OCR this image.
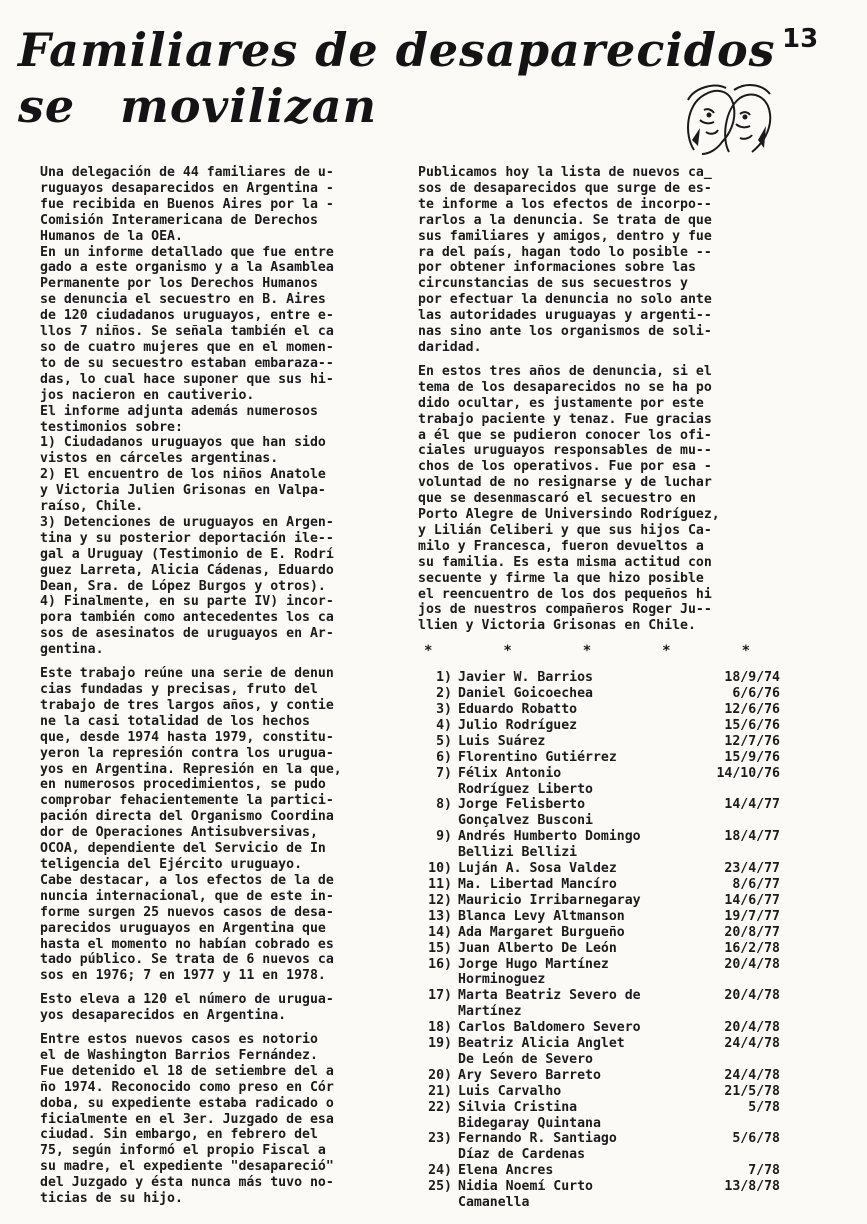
Familiares de desaparecidos

se movilizan
13

Una delegación de 44 familiares de u-
ruguayos desaparecidos en Argentina -
fue recibida en Buenos Aires por la -
Comisión Interamericana de Derechos
Humanos de la OEA.
En un informe detallado que fue entre
gado a este organismo y a la Asamblea
Permanente por los Derechos Humanos
se denuncia el secuestro en B. Aires
de 120 ciudadanos uruguayos, entre e-
llos 7 niños. Se señala también el ca
so de cuatro mujeres que en el momen-
to de su secuestro estaban embaraza--
das, lo cual hace suponer que sus hi-
jos nacieron en cautiverio.
El informe adjunta además numerosos
testimonios sobre:
1) Ciudadanos uruguayos que han sido
vistos en cárceles argentinas.
2) El encuentro de los niños Anatole
y Victoria Julien Grisonas en Valpa-
raíso, Chile.
3) Detenciones de uruguayos en Argen-
tina y su posterior deportación ile--
gal a Uruguay (Testimonio de E. Rodrí
guez Larreta, Alicia Cádenas, Eduardo
Dean, Sra. de López Burgos y otros).
4) Finalmente, en su parte IV) incor-
pora también como antecedentes los ca
sos de asesinatos de uruguayos en Ar-
gentina.

Este trabajo reúne una serie de denun
cias fundadas y precisas, fruto del
trabajo de tres largos años, y contie
ne la casi totalidad de los hechos
que, desde 1974 hasta 1979, constitu-
yeron la represión contra los urugua-
yos en Argentina. Represión en la que,
en numerosos procedimientos, se pudo
comprobar fehacientemente la partici-
pación directa del Organismo Coordina
dor de Operaciones Antisubversivas,
OCOA, dependiente del Servicio de In
teligencia del Ejército uruguayo.
Cabe destacar, a los efectos de la de
nuncia internacional, que de este in-
forme surgen 25 nuevos casos de desa-
parecidos uruguayos en Argentina que
hasta el momento no habían cobrado es
tado público. Se trata de 6 nuevos ca
sos en 1976; 7 en 1977 y 11 en 1978.

Esto eleva a 120 el número de urugua-
yos desaparecidos en Argentina.

Entre estos nuevos casos es notorio
el de Washington Barrios Fernández.
Fue detenido el 18 de setiembre del a
ño 1974. Reconocido como preso en Cór
doba, su expediente estaba radicado o
ficialmente en el 3er. Juzgado de esa
ciudad. Sin embargo, en febrero del
75, según informó el propio Fiscal a
su madre, el expediente "desapareció"
del Juzgado y ésta nunca más tuvo no-
ticias de su hijo.

Publicamos hoy la lista de nuevos ca_
sos de desaparecidos que surge de es-
te informe a los efectos de incorpo--
rarlos a la denuncia. Se trata de que
sus familiares y amigos, dentro y fue
ra del país, hagan todo lo posible --
por obtener informaciones sobre las
circunstancias de sus secuestros y
por efectuar la denuncia no solo ante
las autoridades uruguayas y argenti--
nas sino ante los organismos de soli-
daridad.

En estos tres años de denuncia, si el
tema de los desaparecidos no se ha po
dido ocultar, es justamente por este
trabajo paciente y tenaz. Fue gracias
a él que se pudieron conocer los ofi-
ciales uruguayos responsables de mu--
chos de los operativos. Fue por esa -
voluntad de no resignarse y de luchar
que se desenmascaró el secuestro en
Porto Alegre de Universindo Rodríguez,
y Lilián Celiberi y que sus hijos Ca-
milo y Francesca, fueron devueltos a
su familia. Es esta misma actitud con
secuente y firme la que hizo posible
el reencuentro de los dos pequeños hi
jos de nuestros compañeros Roger Ju--
llien y Victoria Grisonas en Chile.

*	*	*	*	*
1) Javier W. Barrios	18/9/74
2) Daniel Goicoechea	6/6/76
3) Eduardo Robatto	12/6/76
4) Julio Rodríguez	15/6/76
5) Luis Suárez	12/7/76
6) Florentino Gutiérrez	15/9/76
7) Félix Antonio
Rodríguez Liberto
14/10/76
8) Jorge Felisberto
Gonçalvez Busconi
14/4/77
9) Andrés Humberto Domingo
Bellizi Bellizi
18/4/77
10) Luján A. Sosa Valdez	23/4/77
11) Ma. Libertad Mancíro	8/6/77
12) Mauricio Irribarnegaray	14/6/77
13) Blanca Levy Altmanson	19/7/77
14) Ada Margaret Burgueño	20/8/77
15) Juan Alberto De León	16/2/78
16) Jorge Hugo Martínez
Horminoguez
20/4/78
17) Marta Beatriz Severo de
Martínez
20/4/78
18) Carlos Baldomero Severo	20/4/78
19) Beatriz Alicia Anglet
De León de Severo
24/4/78
20) Ary Severo Barreto	24/4/78
21) Luis Carvalho	21/5/78
22) Silvia Cristina
Bidegaray Quintana
5/78
23) Fernando R. Santiago
Díaz de Cardenas
5/6/78
24) Elena Ancres	7/78
25) Nidia Noemí Curto
Camanella
13/8/78
